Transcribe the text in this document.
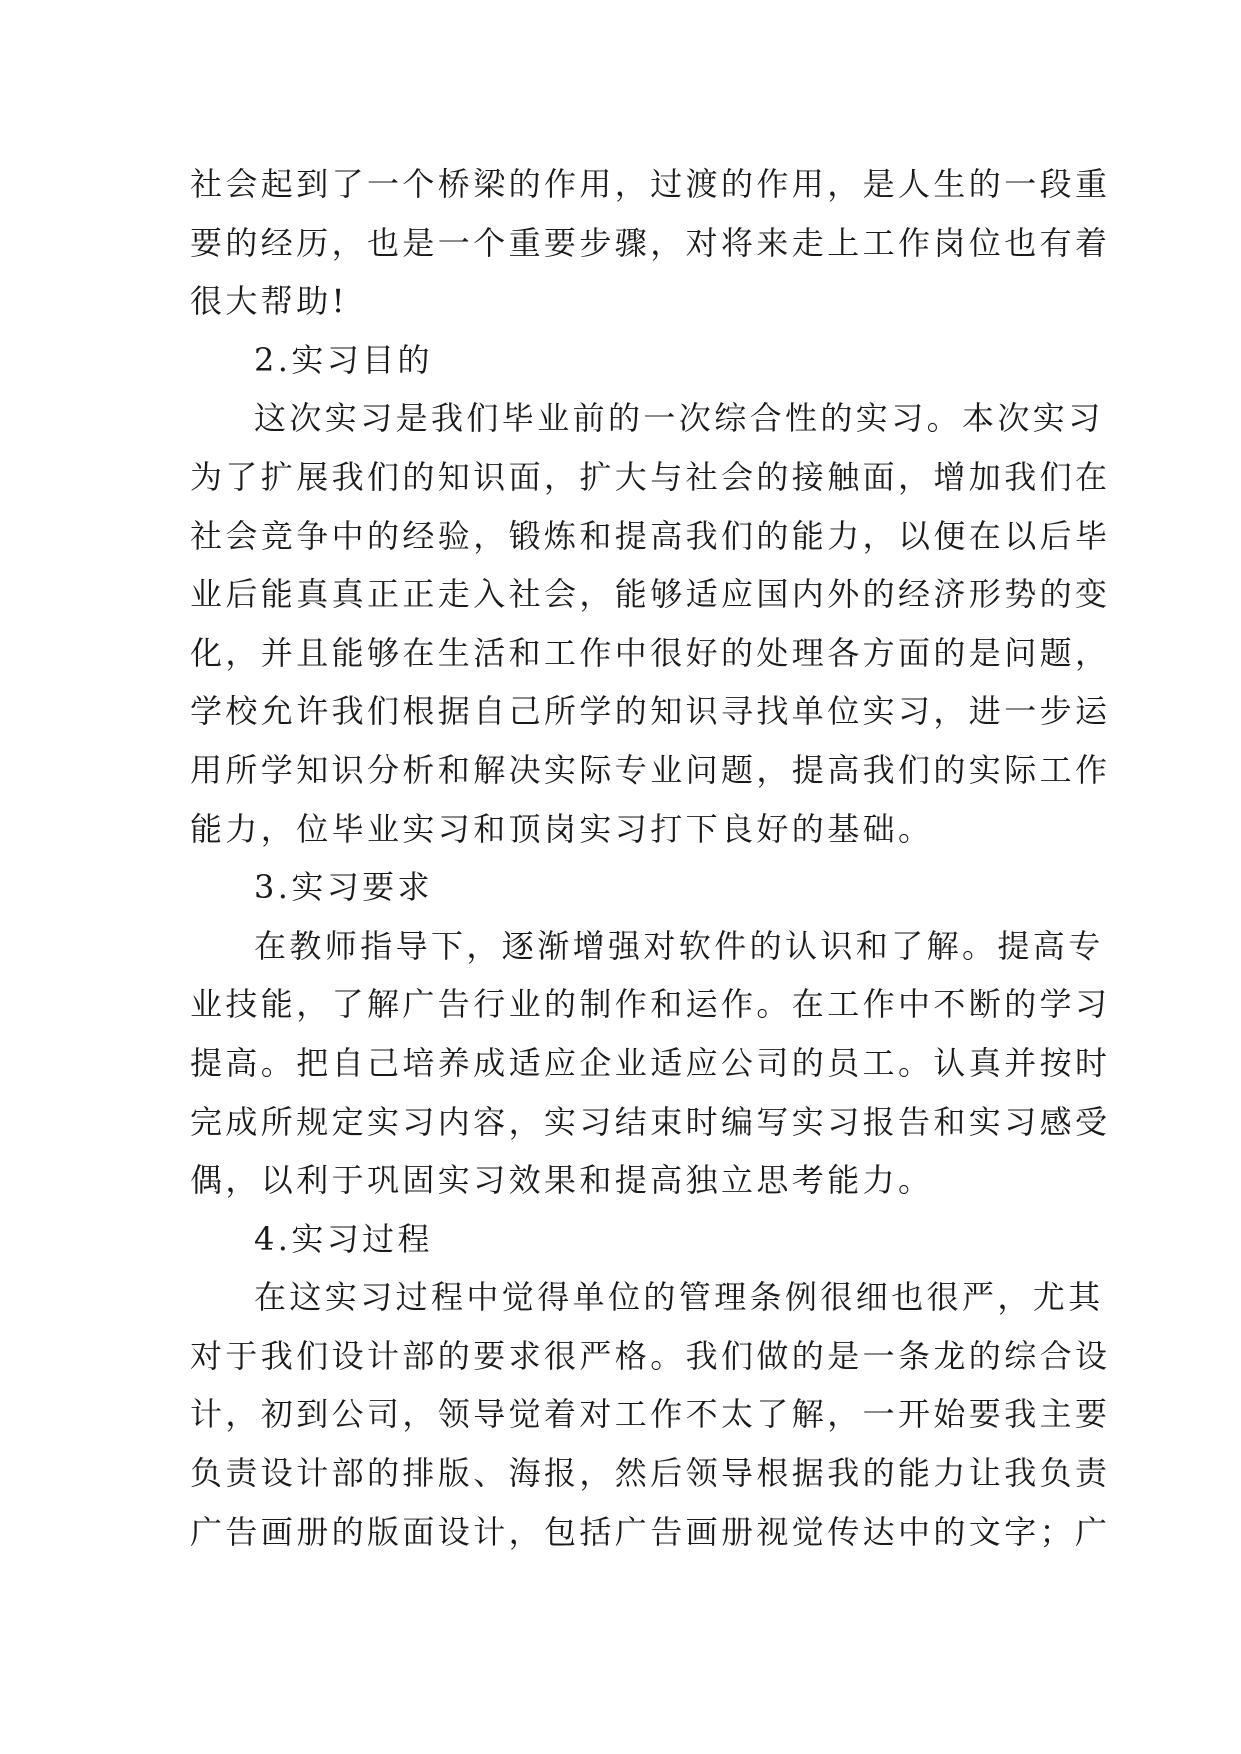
社会起到了一个桥梁的作用，过渡的作用，是人生的一段重
要的经历，也是一个重要步骤，对将来走上工作岗位也有着
很大帮助!
2.实习目的
这次实习是我们毕业前的一次综合性的实习。本次实习
为了扩展我们的知识面，扩大与社会的接触面，增加我们在
社会竞争中的经验，锻炼和提高我们的能力，以便在以后毕
业后能真真正正走入社会，能够适应国内外的经济形势的变
化，并且能够在生活和工作中很好的处理各方面的是问题，
学校允许我们根据自己所学的知识寻找单位实习，进一步运
用所学知识分析和解决实际专业问题，提高我们的实际工作
能力，位毕业实习和顶岗实习打下良好的基础。
3.实习要求
在教师指导下，逐渐增强对软件的认识和了解。提高专
业技能，了解广告行业的制作和运作。在工作中不断的学习
提高。把自己培养成适应企业适应公司的员工。认真并按时
完成所规定实习内容，实习结束时编写实习报告和实习感受
偶，以利于巩固实习效果和提高独立思考能力。
4.实习过程
在这实习过程中觉得单位的管理条例很细也很严，尤其
对于我们设计部的要求很严格。我们做的是一条龙的综合设
计，初到公司，领导觉着对工作不太了解，一开始要我主要
负责设计部的排版、海报，然后领导根据我的能力让我负责
广告画册的版面设计，包括广告画册视觉传达中的文字；广
